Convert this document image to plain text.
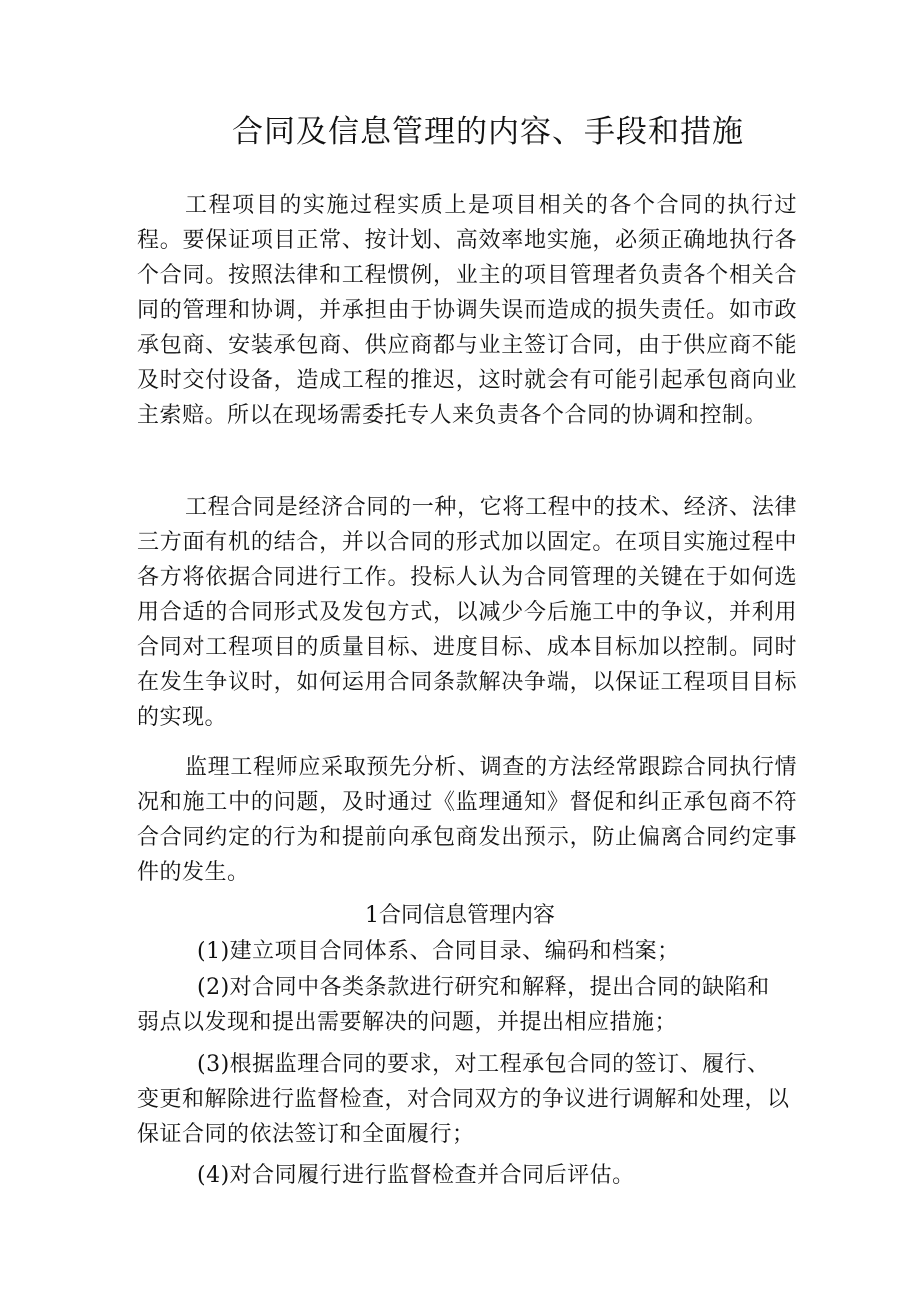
合同及信息管理的内容、手段和措施

工程项目的实施过程实质上是项目相关的各个合同的执行过程。要保证项目正常、按计划、高效率地实施，必须正确地执行各个合同。按照法律和工程惯例，业主的项目管理者负责各个相关合同的管理和协调，并承担由于协调失误而造成的损失责任。如市政承包商、安装承包商、供应商都与业主签订合同，由于供应商不能及时交付设备，造成工程的推迟，这时就会有可能引起承包商向业主索赔。所以在现场需委托专人来负责各个合同的协调和控制。

工程合同是经济合同的一种，它将工程中的技术、经济、法律三方面有机的结合，并以合同的形式加以固定。在项目实施过程中各方将依据合同进行工作。投标人认为合同管理的关键在于如何选用合适的合同形式及发包方式，以减少今后施工中的争议，并利用合同对工程项目的质量目标、进度目标、成本目标加以控制。同时在发生争议时，如何运用合同条款解决争端，以保证工程项目目标的实现。

监理工程师应采取预先分析、调查的方法经常跟踪合同执行情况和施工中的问题，及时通过《监理通知》督促和纠正承包商不符合合同约定的行为和提前向承包商发出预示，防止偏离合同约定事件的发生。

1合同信息管理内容

(1)建立项目合同体系、合同目录、编码和档案；

(2)对合同中各类条款进行研究和解释，提出合同的缺陷和弱点以发现和提出需要解决的问题，并提出相应措施；

(3)根据监理合同的要求，对工程承包合同的签订、履行、变更和解除进行监督检查，对合同双方的争议进行调解和处理，以保证合同的依法签订和全面履行；

(4)对合同履行进行监督检查并合同后评估。
